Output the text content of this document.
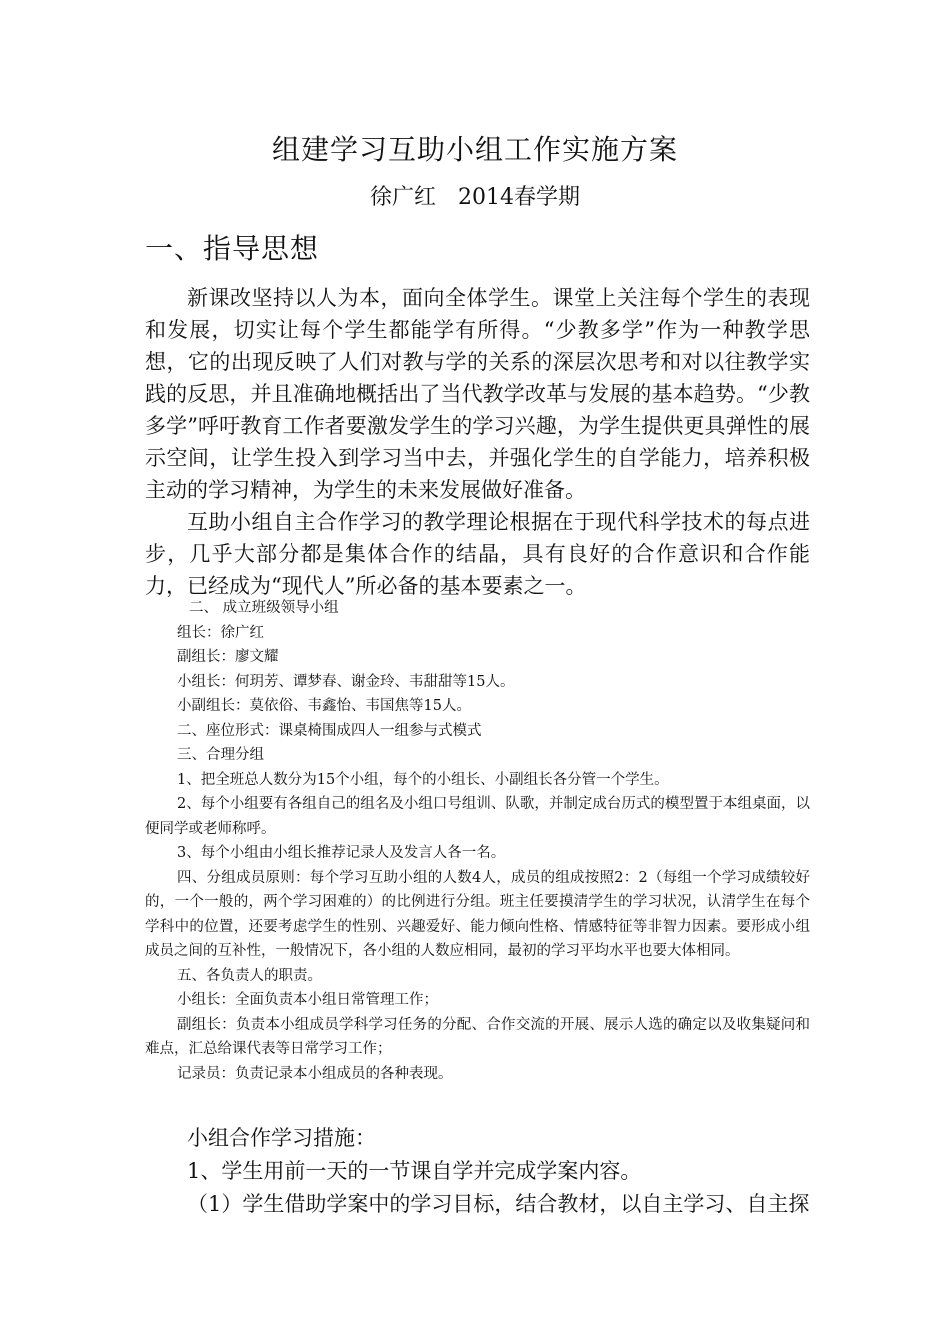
组建学习互助小组工作实施方案
徐广红 2014春学期
一、指导思想

新课改坚持以人为本，面向全体学生。课堂上关注每个学生的表现和发展，切实让每个学生都能学有所得。“少教多学”作为一种教学思想，它的出现反映了人们对教与学的关系的深层次思考和对以往教学实践的反思，并且准确地概括出了当代教学改革与发展的基本趋势。“少教多学”呼吁教育工作者要激发学生的学习兴趣，为学生提供更具弹性的展示空间，让学生投入到学习当中去，并强化学生的自学能力，培养积极主动的学习精神，为学生的未来发展做好准备。

互助小组自主合作学习的教学理论根据在于现代科学技术的每点进步，几乎大部分都是集体合作的结晶，具有良好的合作意识和合作能力，已经成为“现代人”所必备的基本要素之一。

二、 成立班级领导小组

组长：徐广红

副组长：廖文耀

小组长：何玥芳、谭梦春、谢金玲、韦甜甜等15人。

小副组长：莫依俗、韦鑫怡、韦国焦等15人。

二、座位形式：课桌椅围成四人一组参与式模式

三、合理分组

1、把全班总人数分为15个小组，每个的小组长、小副组长各分管一个学生。

2、每个小组要有各组自己的组名及小组口号组训、队歌，并制定成台历式的模型置于本组桌面，以便同学或老师称呼。

3、每个小组由小组长推荐记录人及发言人各一名。

四、分组成员原则：每个学习互助小组的人数4人，成员的组成按照2：2（每组一个学习成绩较好的，一个一般的，两个学习困难的）的比例进行分组。班主任要摸清学生的学习状况，认清学生在每个学科中的位置，还要考虑学生的性别、兴趣爱好、能力倾向性格、情感特征等非智力因素。要形成小组成员之间的互补性，一般情况下，各小组的人数应相同，最初的学习平均水平也要大体相同。

五、各负责人的职责。

小组长：全面负责本小组日常管理工作；

副组长：负责本小组成员学科学习任务的分配、合作交流的开展、展示人选的确定以及收集疑问和难点，汇总给课代表等日常学习工作；

记录员：负责记录本小组成员的各种表现。

小组合作学习措施：

1、学生用前一天的一节课自学并完成学案内容。

（1）学生借助学案中的学习目标，结合教材，以自主学习、自主探
